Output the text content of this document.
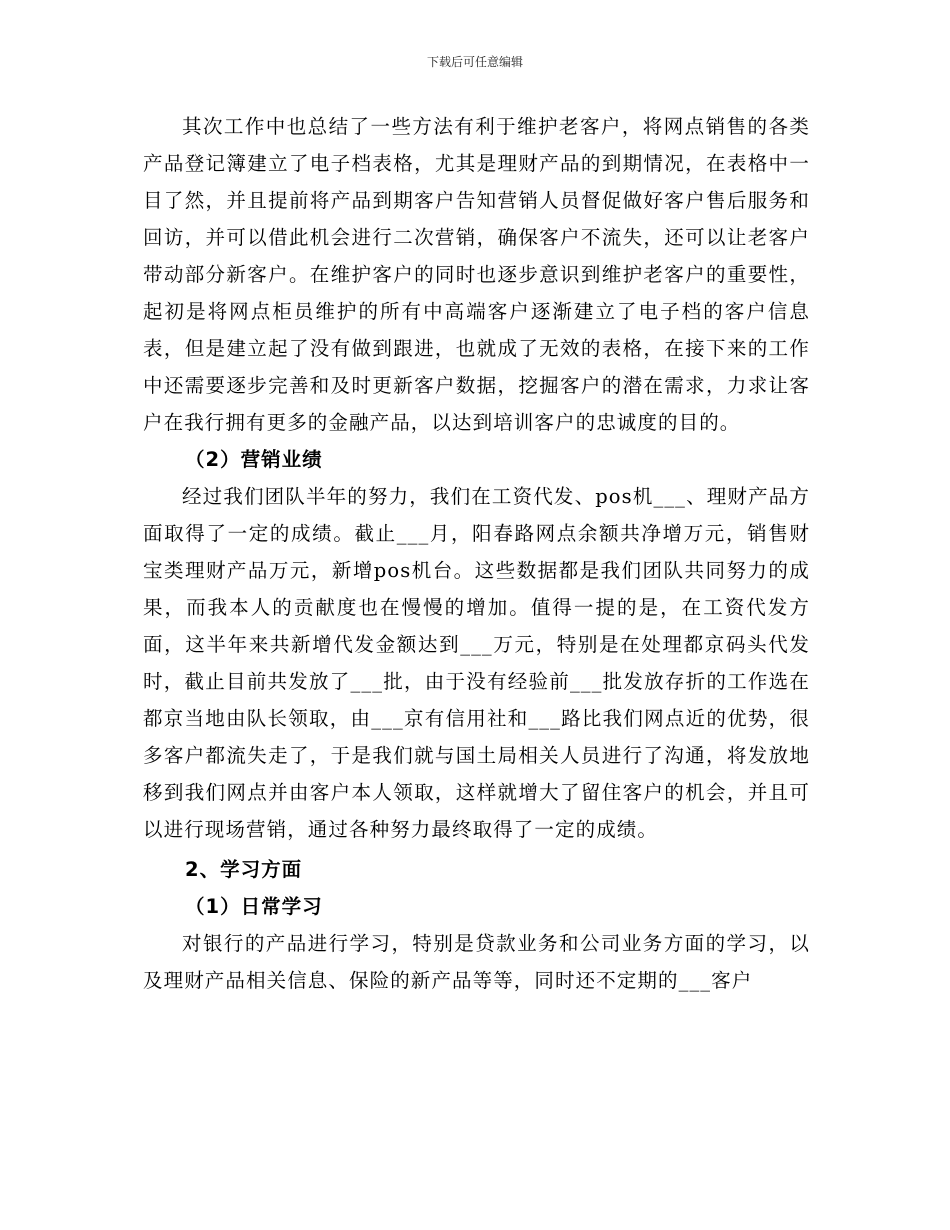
下载后可任意编辑

其次工作中也总结了一些方法有利于维护老客户，将网点销售的各类产品登记簿建立了电子档表格，尤其是理财产品的到期情况，在表格中一目了然，并且提前将产品到期客户告知营销人员督促做好客户售后服务和回访，并可以借此机会进行二次营销，确保客户不流失，还可以让老客户带动部分新客户。在维护客户的同时也逐步意识到维护老客户的重要性，起初是将网点柜员维护的所有中高端客户逐渐建立了电子档的客户信息表，但是建立起了没有做到跟进，也就成了无效的表格，在接下来的工作中还需要逐步完善和及时更新客户数据，挖掘客户的潜在需求，力求让客户在我行拥有更多的金融产品，以达到培训客户的忠诚度的目的。

（2）营销业绩

经过我们团队半年的努力，我们在工资代发、pos机___、理财产品方面取得了一定的成绩。截止___月，阳春路网点余额共净增万元，销售财宝类理财产品万元，新增pos机台。这些数据都是我们团队共同努力的成果，而我本人的贡献度也在慢慢的增加。值得一提的是，在工资代发方面，这半年来共新增代发金额达到___万元，特别是在处理都京码头代发时，截止目前共发放了___批，由于没有经验前___批发放存折的工作选在都京当地由队长领取，由___京有信用社和___路比我们网点近的优势，很多客户都流失走了，于是我们就与国土局相关人员进行了沟通，将发放地移到我们网点并由客户本人领取，这样就增大了留住客户的机会，并且可以进行现场营销，通过各种努力最终取得了一定的成绩。

2、学习方面

（1）日常学习

对银行的产品进行学习，特别是贷款业务和公司业务方面的学习，以及理财产品相关信息、保险的新产品等等，同时还不定期的___客户
